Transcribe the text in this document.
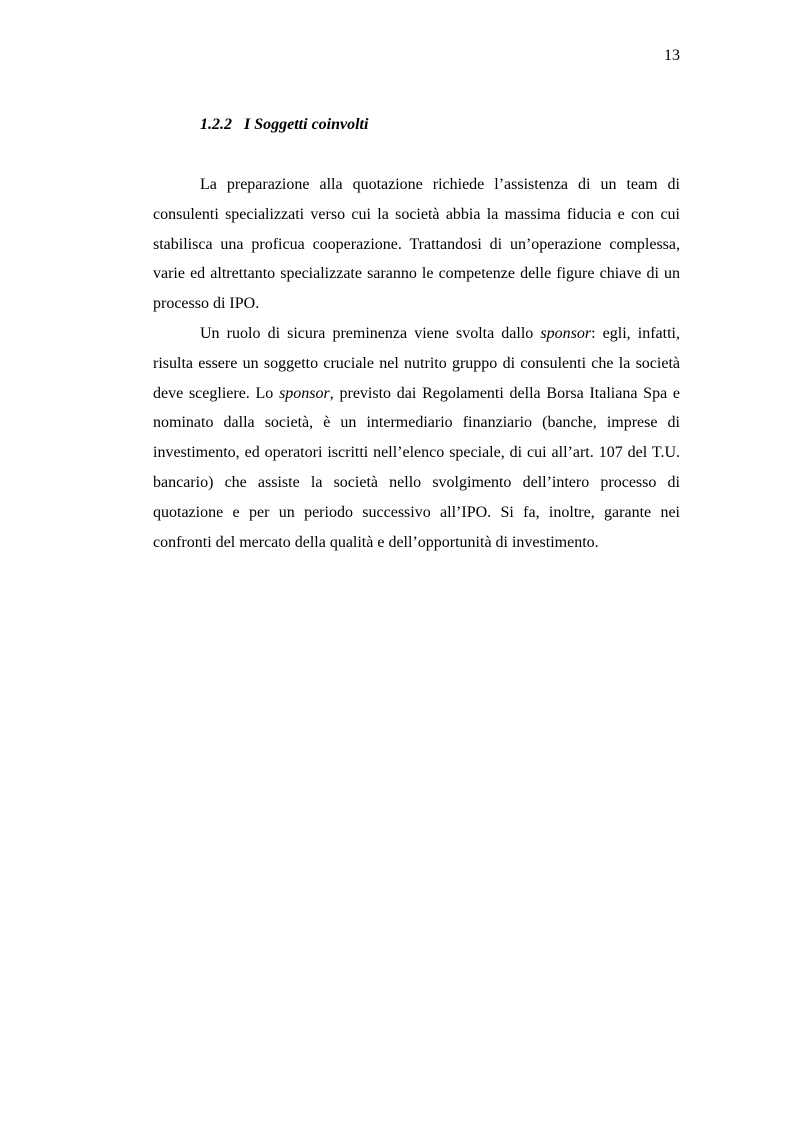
13
1.2.2 I Soggetti coinvolti

La preparazione alla quotazione richiede l’assistenza di un team di consulenti specializzati verso cui la società abbia la massima fiducia e con cui stabilisca una proficua cooperazione. Trattandosi di un’operazione complessa, varie ed altrettanto specializzate saranno le competenze delle figure chiave di un processo di IPO.

Un ruolo di sicura preminenza viene svolta dallo sponsor: egli, infatti, risulta essere un soggetto cruciale nel nutrito gruppo di consulenti che la società deve scegliere. Lo sponsor, previsto dai Regolamenti della Borsa Italiana Spa e nominato dalla società, è un intermediario finanziario (banche, imprese di investimento, ed operatori iscritti nell’elenco speciale, di cui all’art. 107 del T.U. bancario) che assiste la società nello svolgimento dell’intero processo di quotazione e per un periodo successivo all’IPO. Si fa, inoltre, garante nei confronti del mercato della qualità e dell’opportunità di investimento.
